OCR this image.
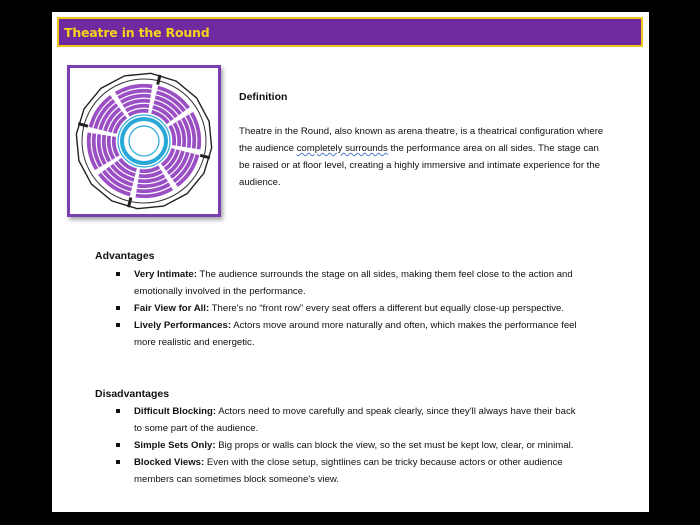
Theatre in the Round
Definition
Theatre in the Round, also known as arena theatre, is a theatrical configuration where the audience completely surrounds the performance area on all sides. The stage can be raised or at floor level, creating a highly immersive and intimate experience for the audience.
Advantages
Very Intimate: The audience surrounds the stage on all sides, making them feel close to the action and emotionally involved in the performance.
Fair View for All: There's no “front row” every seat offers a different but equally close-up perspective.
Lively Performances: Actors move around more naturally and often, which makes the performance feel more realistic and energetic.
Disadvantages
Difficult Blocking: Actors need to move carefully and speak clearly, since they'll always have their back to some part of the audience.
Simple Sets Only: Big props or walls can block the view, so the set must be kept low, clear, or minimal.
Blocked Views: Even with the close setup, sightlines can be tricky because actors or other audience members can sometimes block someone's view.
